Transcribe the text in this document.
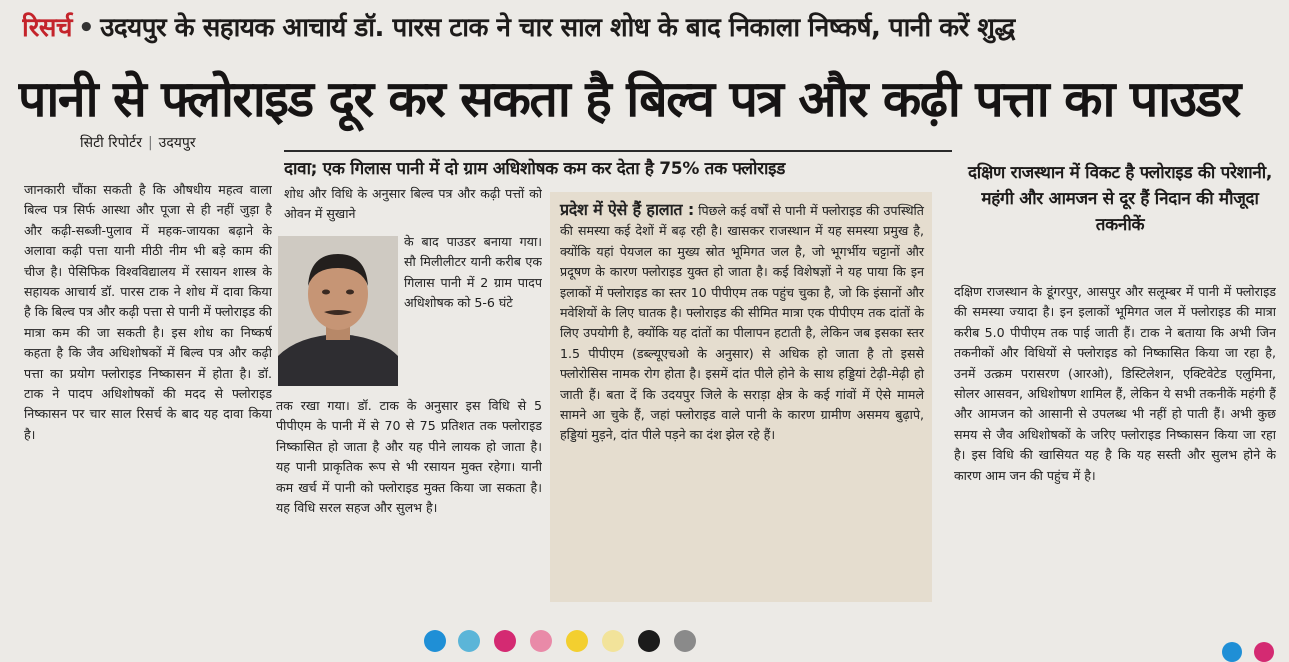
रिसर्च • उदयपुर के सहायक आचार्य डॉ. पारस टाक ने चार साल शोध के बाद निकाला निष्कर्ष, पानी करें शुद्ध
पानी से फ्लोराइड दूर कर सकता है बिल्व पत्र और कढ़ी पत्ता का पाउडर
सिटी रिपोर्टर | उदयपुर
दावा; एक गिलास पानी में दो ग्राम अधिशोषक कम कर देता है 75% तक फ्लोराइड
जानकारी चौंका सकती है कि औषधीय महत्व वाला बिल्व पत्र सिर्फ आस्था और पूजा से ही नहीं जुड़ा है और कढ़ी-सब्जी-पुलाव में महक-जायका बढ़ाने के अलावा कढ़ी पत्ता यानी मीठी नीम भी बड़े काम की चीज है। पेसिफिक विश्वविद्यालय में रसायन शास्त्र के सहायक आचार्य डॉ. पारस टाक ने शोध में दावा किया है कि बिल्व पत्र और कढ़ी पत्ता से पानी में फ्लोराइड की मात्रा कम की जा सकती है। इस शोध का निष्कर्ष कहता है कि जैव अधिशोषकों में बिल्व पत्र और कढ़ी पत्ता का प्रयोग फ्लोराइड निष्कासन में होता है। डॉ. टाक ने पादप अधिशोषकों की मदद से फ्लोराइड निष्कासन पर चार साल रिसर्च के बाद यह दावा किया है।
शोध और विधि के अनुसार बिल्व पत्र और कढ़ी पत्तों को ओवन में सुखाने
के बाद पाउडर बनाया गया। सौ मिलीलीटर यानी करीब एक गिलास पानी में 2 ग्राम पादप अधिशोषक को 5-6 घंटे
तक रखा गया। डॉ. टाक के अनुसार इस विधि से 5 पीपीएम के पानी में से 70 से 75 प्रतिशत तक फ्लोराइड निष्कासित हो जाता है और यह पीने लायक हो जाता है। यह पानी प्राकृतिक रूप से भी रसायन मुक्त रहेगा। यानी कम खर्च में पानी को फ्लोराइड मुक्त किया जा सकता है। यह विधि सरल सहज और सुलभ है।
प्रदेश में ऐसे हैं हालात : पिछले कई वर्षों से पानी में फ्लोराइड की उपस्थिति की समस्या कई देशों में बढ़ रही है। खासकर राजस्थान में यह समस्या प्रमुख है, क्योंकि यहां पेयजल का मुख्य स्रोत भूमिगत जल है, जो भूगर्भीय चट्टानों और प्रदूषण के कारण फ्लोराइड युक्त हो जाता है। कई विशेषज्ञों ने यह पाया कि इन इलाकों में फ्लोराइड का स्तर 10 पीपीएम तक पहुंच चुका है, जो कि इंसानों और मवेशियों के लिए घातक है। फ्लोराइड की सीमित मात्रा एक पीपीएम तक दांतों के लिए उपयोगी है, क्योंकि यह दांतों का पीलापन हटाती है, लेकिन जब इसका स्तर 1.5 पीपीएम (डब्ल्यूएचओ के अनुसार) से अधिक हो जाता है तो इससे फ्लोरोसिस नामक रोग होता है। इसमें दांत पीले होने के साथ हड्डियां टेढ़ी-मेढ़ी हो जाती हैं। बता दें कि उदयपुर जिले के सराड़ा क्षेत्र के कई गांवों में ऐसे मामले सामने आ चुके हैं, जहां फ्लोराइड वाले पानी के कारण ग्रामीण असमय बुढ़ापे, हड्डियां मुड़ने, दांत पीले पड़ने का दंश झेल रहे हैं।
दक्षिण राजस्थान में विकट है फ्लोराइड की परेशानी, महंगी और आमजन से दूर हैं निदान की मौजूदा तकनीकें
दक्षिण राजस्थान के डूंगरपुर, आसपुर और सलूम्बर में पानी में फ्लोराइड की समस्या ज्यादा है। इन इलाकों भूमिगत जल में फ्लोराइड की मात्रा करीब 5.0 पीपीएम तक पाई जाती हैं। टाक ने बताया कि अभी जिन तकनीकों और विधियों से फ्लोराइड को निष्कासित किया जा रहा है, उनमें उत्क्रम परासरण (आरओ), डिस्टिलेशन, एक्टिवेटेड एलुमिना, सोलर आसवन, अधिशोषण शामिल हैं, लेकिन ये सभी तकनीकें महंगी हैं और आमजन को आसानी से उपलब्ध भी नहीं हो पाती हैं। अभी कुछ समय से जैव अधिशोषकों के जरिए फ्लोराइड निष्कासन किया जा रहा है। इस विधि की खासियत यह है कि यह सस्ती और सुलभ होने के कारण आम जन की पहुंच में है।
